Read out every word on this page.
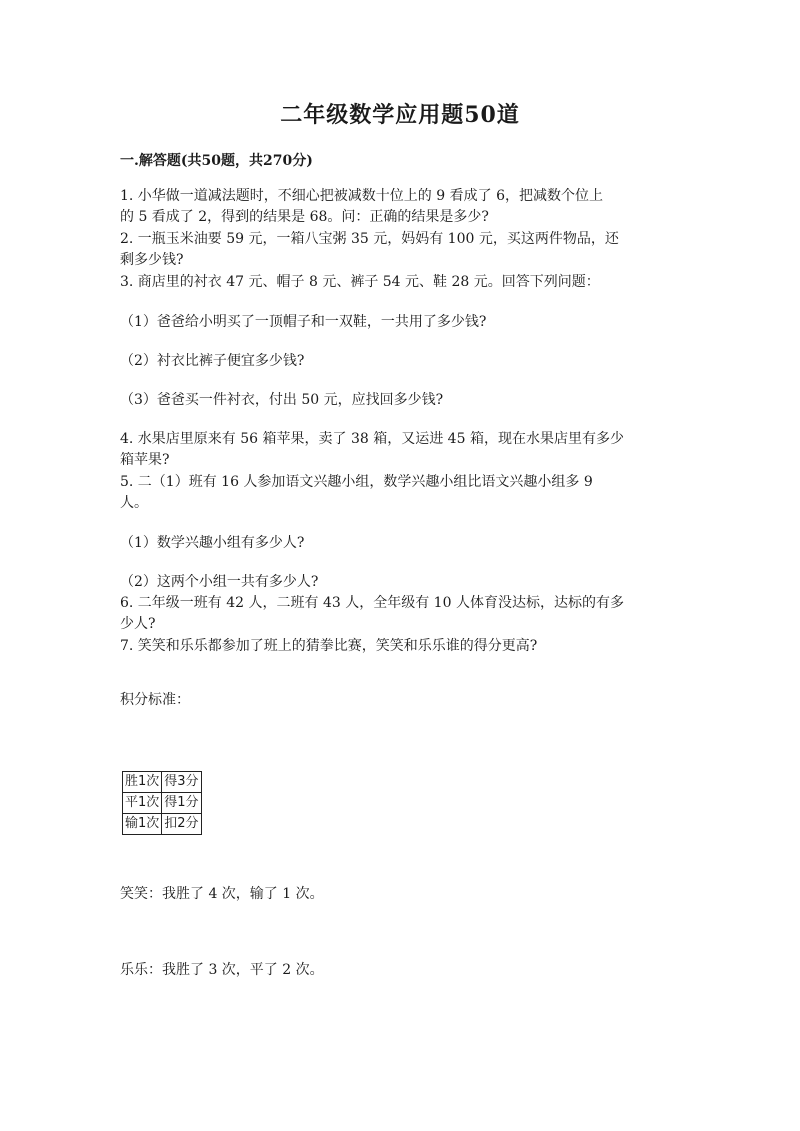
二年级数学应用题50道
一.解答题(共50题，共270分)
1. 小华做一道减法题时，不细心把被减数十位上的 9 看成了 6，把减数个位上
的 5 看成了 2，得到的结果是 68。问：正确的结果是多少?
2. 一瓶玉米油要 59 元，一箱八宝粥 35 元，妈妈有 100 元，买这两件物品，还
剩多少钱?
3. 商店里的衬衣 47 元、帽子 8 元、裤子 54 元、鞋 28 元。回答下列问题：
（1）爸爸给小明买了一顶帽子和一双鞋，一共用了多少钱?
（2）衬衣比裤子便宜多少钱?
（3）爸爸买一件衬衣，付出 50 元，应找回多少钱?
4. 水果店里原来有 56 箱苹果，卖了 38 箱，又运进 45 箱，现在水果店里有多少
箱苹果?
5. 二（1）班有 16 人参加语文兴趣小组，数学兴趣小组比语文兴趣小组多 9
人。
（1）数学兴趣小组有多少人?
（2）这两个小组一共有多少人?
6. 二年级一班有 42 人，二班有 43 人，全年级有 10 人体育没达标，达标的有多
少人?
7. 笑笑和乐乐都参加了班上的猜拳比赛，笑笑和乐乐谁的得分更高?
积分标准：
胜1次	得3分
平1次	得1分
输1次	扣2分
笑笑：我胜了 4 次，输了 1 次。
乐乐：我胜了 3 次，平了 2 次。
